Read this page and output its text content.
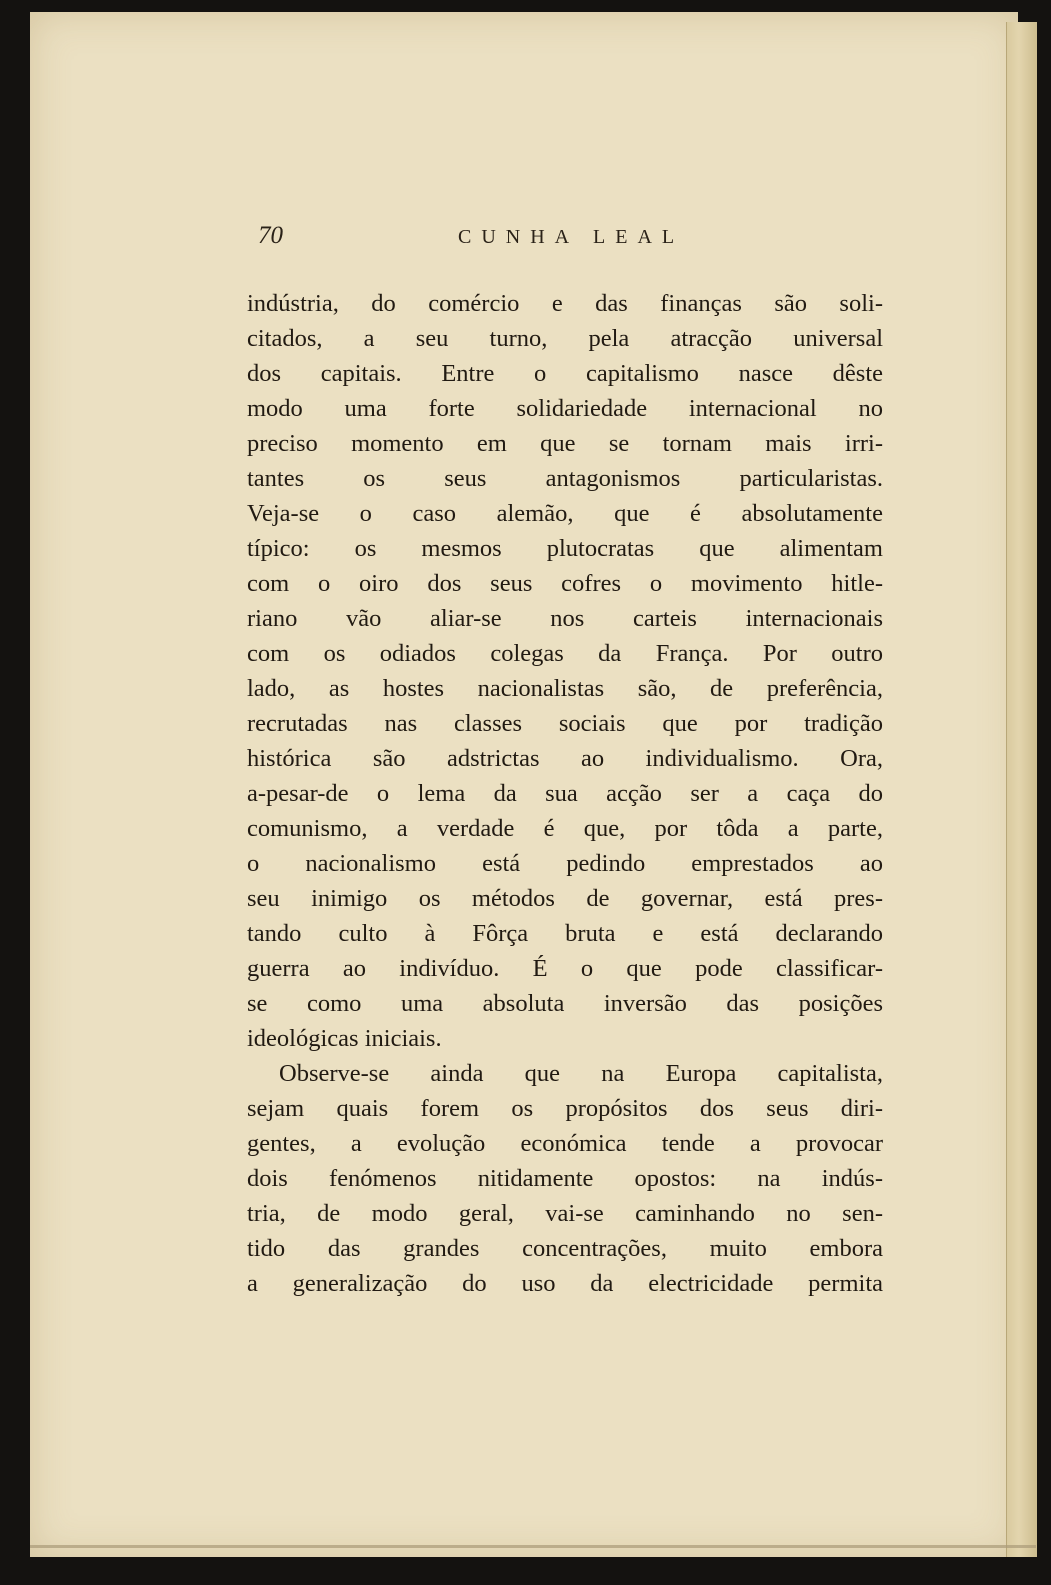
70	CUNHA LEAL
indústria, do comércio e das finanças são soli-
citados, a seu turno, pela atracção universal
dos capitais. Entre o capitalismo nasce dêste
modo uma forte solidariedade internacional no
preciso momento em que se tornam mais irri-
tantes os seus antagonismos particularistas.
Veja-se o caso alemão, que é absolutamente
típico: os mesmos plutocratas que alimentam
com o oiro dos seus cofres o movimento hitle-
riano vão aliar-se nos carteis internacionais
com os odiados colegas da França. Por outro
lado, as hostes nacionalistas são, de preferência,
recrutadas nas classes sociais que por tradição
histórica são adstrictas ao individualismo. Ora,
a-pesar-de o lema da sua acção ser a caça do
comunismo, a verdade é que, por tôda a parte,
o nacionalismo está pedindo emprestados ao
seu inimigo os métodos de governar, está pres-
tando culto à Fôrça bruta e está declarando
guerra ao indivíduo. É o que pode classificar-
se como uma absoluta inversão das posições
ideológicas iniciais.
Observe-se ainda que na Europa capitalista,
sejam quais forem os propósitos dos seus diri-
gentes, a evolução económica tende a provocar
dois fenómenos nitidamente opostos: na indús-
tria, de modo geral, vai-se caminhando no sen-
tido das grandes concentrações, muito embora
a generalização do uso da electricidade permita
